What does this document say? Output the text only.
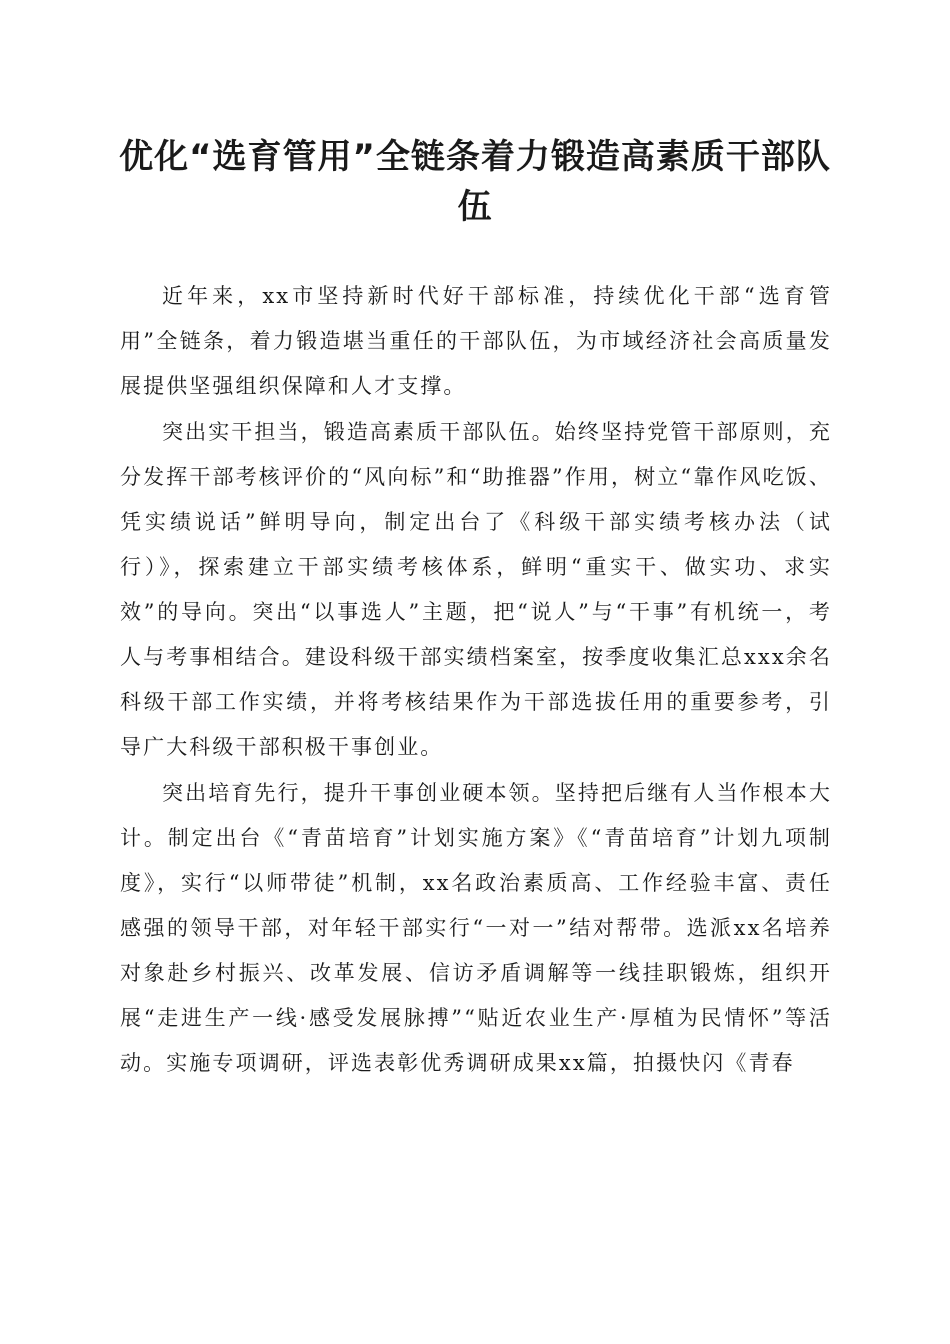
优化“选育管用”全链条着力锻造高素质干部队伍

近年来，xx市坚持新时代好干部标准，持续优化干部“选育管用”全链条，着力锻造堪当重任的干部队伍，为市域经济社会高质量发展提供坚强组织保障和人才支撑。

突出实干担当，锻造高素质干部队伍。始终坚持党管干部原则，充分发挥干部考核评价的“风向标”和“助推器”作用，树立“靠作风吃饭、凭实绩说话”鲜明导向，制定出台了《科级干部实绩考核办法（试行）》，探索建立干部实绩考核体系，鲜明“重实干、做实功、求实效”的导向。突出“以事选人”主题，把“说人”与“干事”有机统一，考人与考事相结合。建设科级干部实绩档案室，按季度收集汇总xxx余名科级干部工作实绩，并将考核结果作为干部选拔任用的重要参考，引导广大科级干部积极干事创业。

突出培育先行，提升干事创业硬本领。坚持把后继有人当作根本大计。制定出台《“青苗培育”计划实施方案》《“青苗培育”计划九项制度》，实行“以师带徒”机制，xx名政治素质高、工作经验丰富、责任感强的领导干部，对年轻干部实行“一对一”结对帮带。选派xx名培养对象赴乡村振兴、改革发展、信访矛盾调解等一线挂职锻炼，组织开展“走进生产一线·感受发展脉搏”“贴近农业生产·厚植为民情怀”等活动。实施专项调研，评选表彰优秀调研成果xx篇，拍摄快闪《青春
